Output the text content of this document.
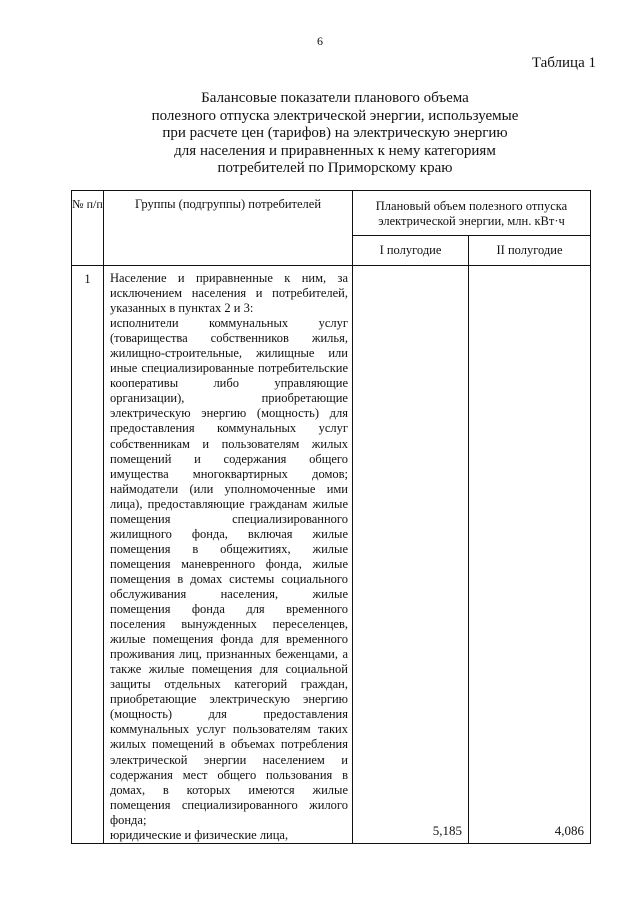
6
Таблица 1
Балансовые показатели планового объема
полезного отпуска электрической энергии, используемые
при расчете цен (тарифов) на электрическую энергию
для населения и приравненных к нему категориям
потребителей по Приморскому краю
№ п/п	Группы (подгруппы) потребителей	Плановый объем полезного отпуска электрической энергии, млн. кВт·ч	
		I полугодие	II полугодие
1	Население и приравненные к ним, за исключением населения и потребителей, указанных в пунктах 2 и 3:

исполнители коммунальных услуг (товарищества собственников жилья, жилищно-строительные, жилищные или иные специализированные потребительские кооперативы либо управляющие организации), приобретающие электрическую энергию (мощность) для предоставления коммунальных услуг собственникам и пользователям жилых помещений и содержания общего имущества многоквартирных домов; наймодатели (или уполномоченные ими лица), предоставляющие гражданам жилые помещения специализированного жилищного фонда, включая жилые помещения в общежитиях, жилые помещения маневренного фонда, жилые помещения в домах системы социального обслуживания населения, жилые помещения фонда для временного поселения вынужденных переселенцев, жилые помещения фонда для временного проживания лиц, признанных беженцами, а также жилые помещения для социальной защиты отдельных категорий граждан, приобретающие электрическую энергию (мощность) для предоставления коммунальных услуг пользователям таких жилых помещений в объемах потребления электрической энергии населением и содержания мест общего пользования в домах, в которых имеются жилые помещения специализированного жилого фонда;

юридические и физические лица,	5,185	4,086
